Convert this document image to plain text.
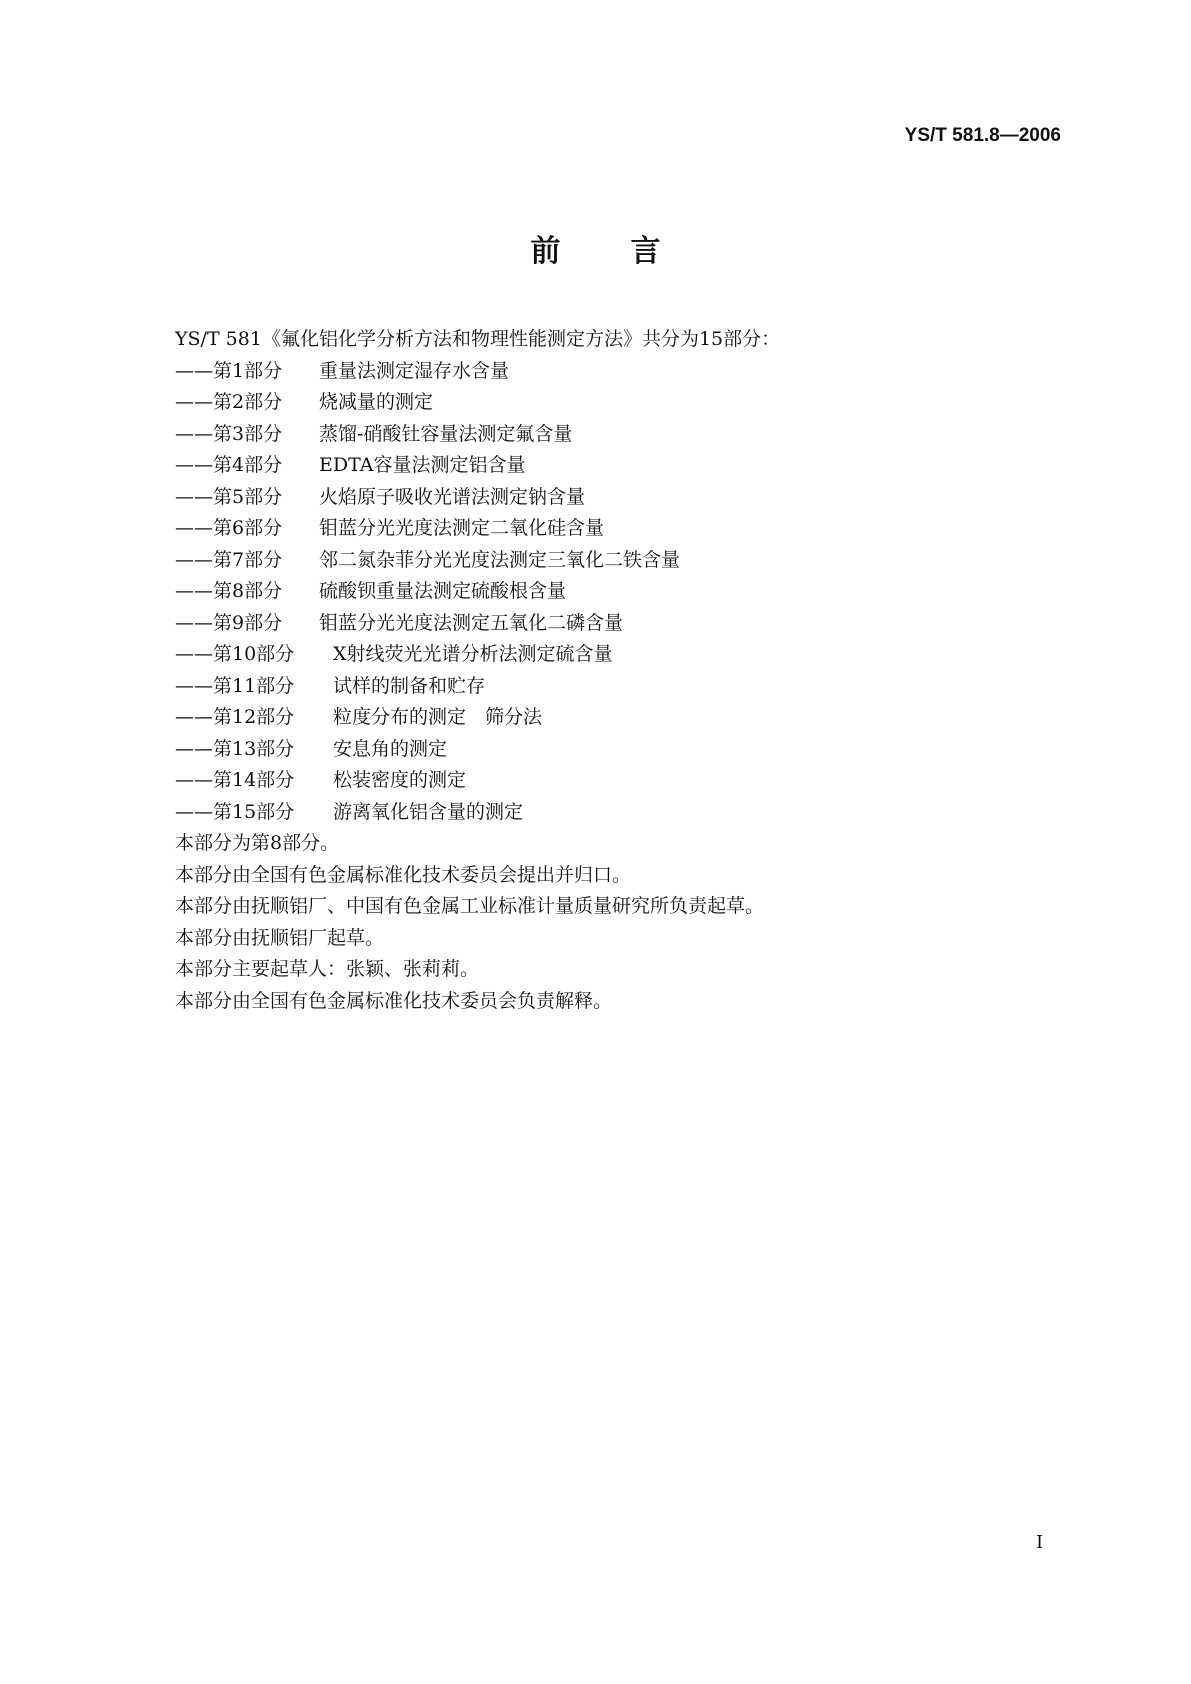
YS/T 581.8—2006
前言
YS/T 581《氟化铝化学分析方法和物理性能测定方法》共分为15部分：
——第1部分 重量法测定湿存水含量
——第2部分 烧减量的测定
——第3部分 蒸馏-硝酸钍容量法测定氟含量
——第4部分 EDTA容量法测定铝含量
——第5部分 火焰原子吸收光谱法测定钠含量
——第6部分 钼蓝分光光度法测定二氧化硅含量
——第7部分 邻二氮杂菲分光光度法测定三氧化二铁含量
——第8部分 硫酸钡重量法测定硫酸根含量
——第9部分 钼蓝分光光度法测定五氧化二磷含量
——第10部分 X射线荧光光谱分析法测定硫含量
——第11部分 试样的制备和贮存
——第12部分 粒度分布的测定　筛分法
——第13部分 安息角的测定
——第14部分 松装密度的测定
——第15部分 游离氧化铝含量的测定
本部分为第8部分。
本部分由全国有色金属标准化技术委员会提出并归口。
本部分由抚顺铝厂、中国有色金属工业标准计量质量研究所负责起草。
本部分由抚顺铝厂起草。
本部分主要起草人：张颖、张莉莉。
本部分由全国有色金属标准化技术委员会负责解释。
I
